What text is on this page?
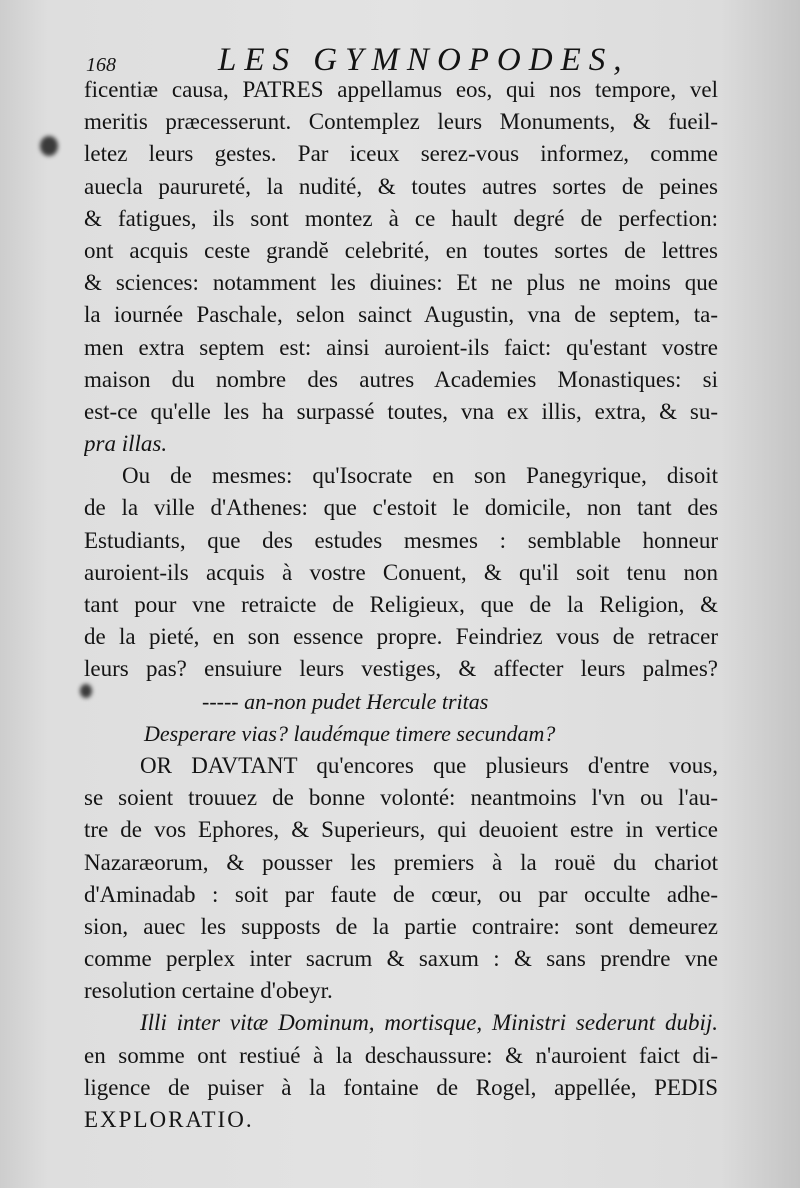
168	LES GYMNOPODES,
ficentiæ causa, PATRES appellamus eos, qui nos tempore, vel
meritis præcesserunt. Contemplez leurs Monuments, & fueil-
letez leurs gestes. Par iceux serez-vous informez, comme
auecla paurureté, la nudité, & toutes autres sortes de peines
& fatigues, ils sont montez à ce hault degré de perfection:
ont acquis ceste grandĕ celebrité, en toutes sortes de lettres
& sciences: notamment les diuines: Et ne plus ne moins que
la iournée Paschale, selon sainct Augustin, vna de septem, ta-
men extra septem est: ainsi auroient-ils faict: qu'estant vostre
maison du nombre des autres Academies Monastiques: si
est-ce qu'elle les ha surpassé toutes, vna ex illis, extra, & su-
pra illas.
Ou de mesmes: qu'Isocrate en son Panegyrique, disoit
de la ville d'Athenes: que c'estoit le domicile, non tant des
Estudiants, que des estudes mesmes : semblable honneur
auroient-ils acquis à vostre Conuent, & qu'il soit tenu non
tant pour vne retraicte de Religieux, que de la Religion, &
de la pieté, en son essence propre. Feindriez vous de retracer
leurs pas? ensuiure leurs vestiges, & affecter leurs palmes?
----- an-non pudet Hercule tritas
Desperare vias? laudémque timere secundam?
OR DAVTANT qu'encores que plusieurs d'entre vous,
se soient trouuez de bonne volonté: neantmoins l'vn ou l'au-
tre de vos Ephores, & Superieurs, qui deuoient estre in vertice
Nazaræorum, & pousser les premiers à la rouë du chariot
d'Aminadab : soit par faute de cœur, ou par occulte adhe-
sion, auec les supposts de la partie contraire: sont demeurez
comme perplex inter sacrum & saxum : & sans prendre vne
resolution certaine d'obeyr.
Illi inter vitæ Dominum, mortisque, Ministri sederunt dubij.
en somme ont restiué à la deschaussure: & n'auroient faict di-
ligence de puiser à la fontaine de Rogel, appellée, PEDIS
EXPLORATIO.
